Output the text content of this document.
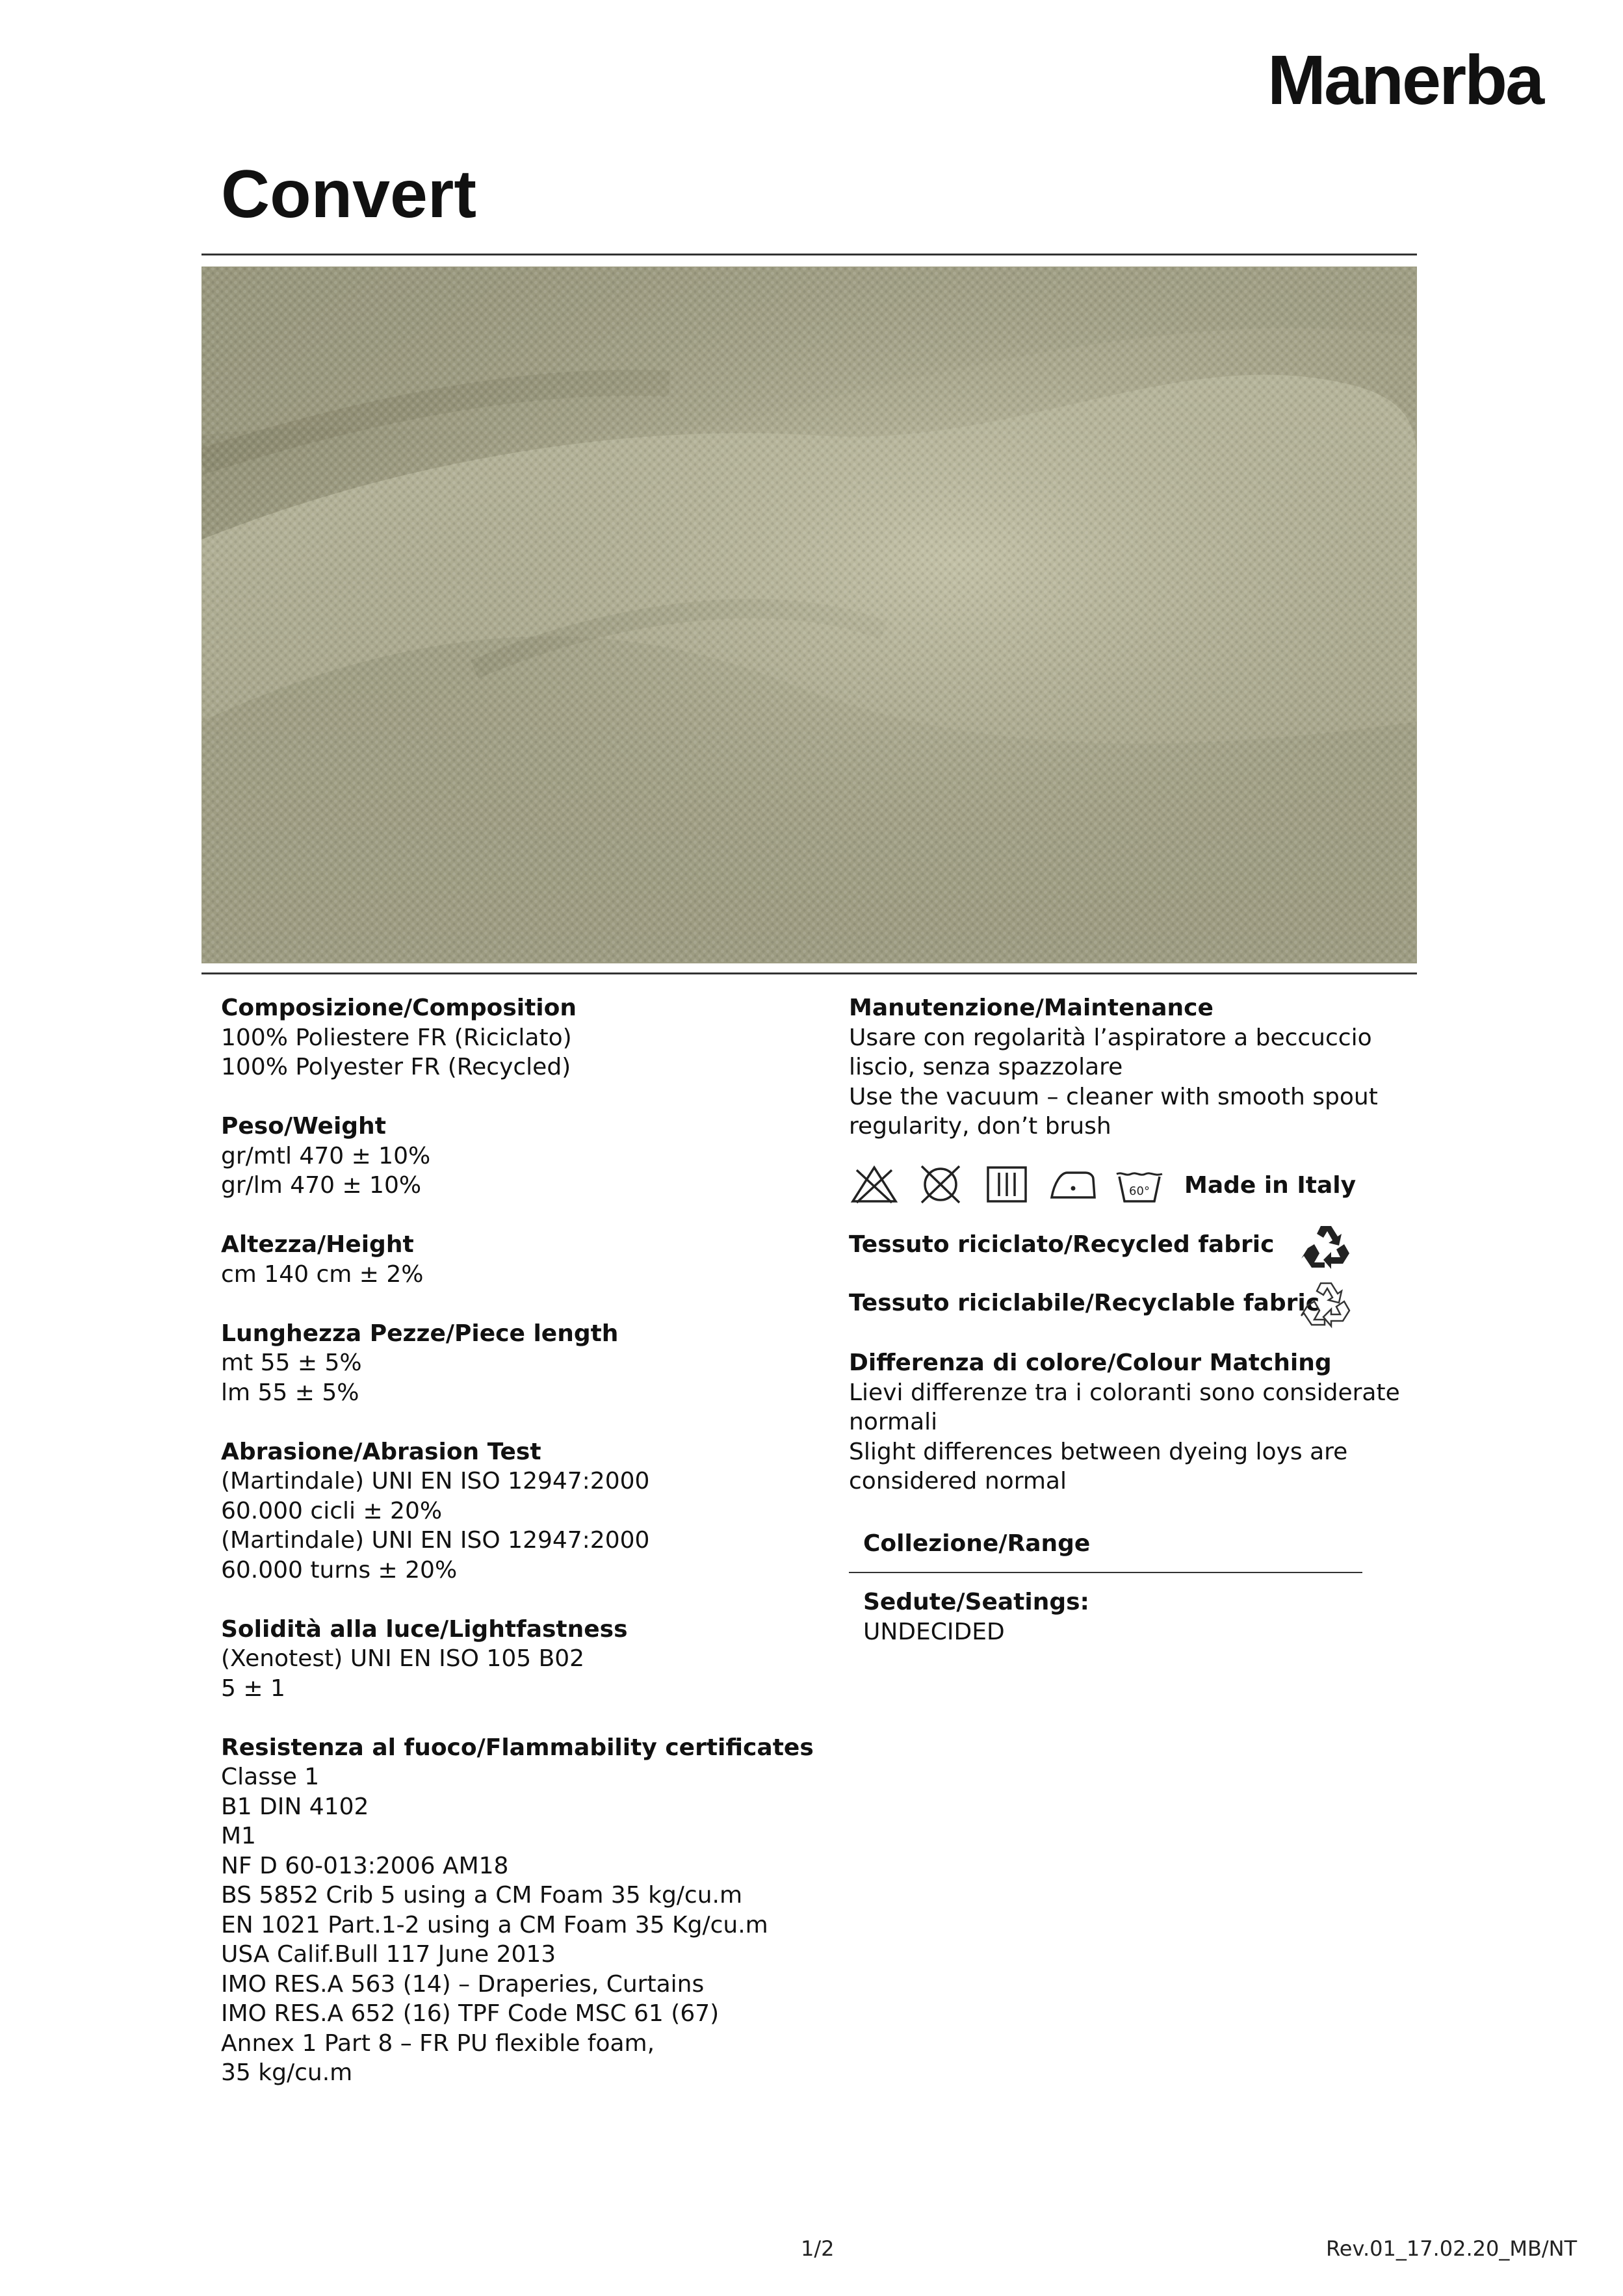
Manerba
Convert
Composizione/Composition
100% Poliestere FR (Riciclato)
100% Polyester FR (Recycled)
Peso/Weight
gr/mtl 470 ± 10%
gr/lm 470 ± 10%
Altezza/Height
cm 140 cm ± 2%
Lunghezza Pezze/Piece length
mt 55 ± 5%
lm 55 ± 5%
Abrasione/Abrasion Test
(Martindale) UNI EN ISO 12947:2000
60.000 cicli ± 20%
(Martindale) UNI EN ISO 12947:2000
60.000 turns ± 20%
Solidità alla luce/Lightfastness
(Xenotest) UNI EN ISO 105 B02
5 ± 1
Resistenza al fuoco/Flammability certificates
Classe 1
B1 DIN 4102
M1
NF D 60-013:2006 AM18
BS 5852 Crib 5 using a CM Foam 35 kg/cu.m
EN 1021 Part.1-2 using a CM Foam 35 Kg/cu.m
USA Calif.Bull 117 June 2013
IMO RES.A 563 (14) – Draperies, Curtains
IMO RES.A 652 (16) TPF Code MSC 61 (67)
Annex 1 Part 8 – FR PU flexible foam,
35 kg/cu.m
Manutenzione/Maintenance
Usare con regolarità l’aspiratore a beccuccio
liscio, senza spazzolare
Use the vacuum – cleaner with smooth spout
regularity, don’t brush
60° Made in Italy
Tessuto riciclato/Recycled fabric
Tessuto riciclabile/Recyclable fabric
Differenza di colore/Colour Matching
Lievi differenze tra i coloranti sono considerate
normali
Slight differences between dyeing loys are
considered normal
Collezione/Range
Sedute/Seatings:
UNDECIDED
1/2	Rev.01_17.02.20_MB/NT
